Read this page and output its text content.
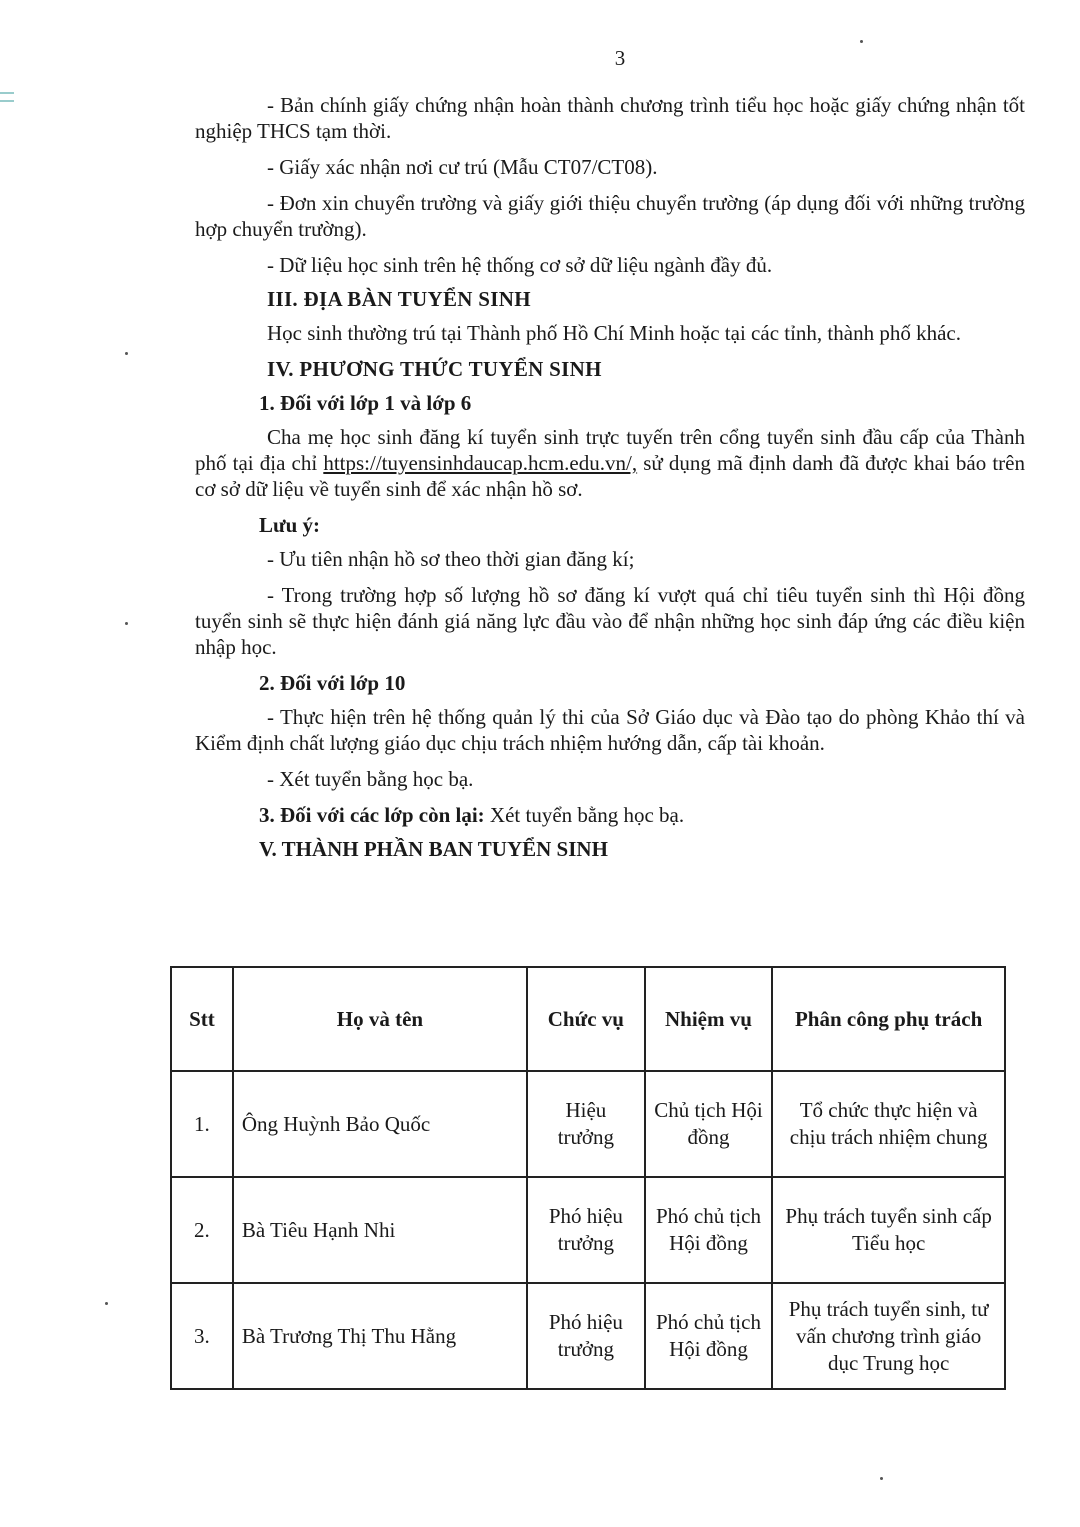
3

- Bản chính giấy chứng nhận hoàn thành chương trình tiểu học hoặc giấy chứng nhận tốt nghiệp THCS tạm thời.

- Giấy xác nhận nơi cư trú (Mẫu CT07/CT08).

- Đơn xin chuyển trường và giấy giới thiệu chuyển trường (áp dụng đối với những trường hợp chuyển trường).

- Dữ liệu học sinh trên hệ thống cơ sở dữ liệu ngành đầy đủ.

III. ĐỊA BÀN TUYỂN SINH

Học sinh thường trú tại Thành phố Hồ Chí Minh hoặc tại các tỉnh, thành phố khác.

IV. PHƯƠNG THỨC TUYỂN SINH

1. Đối với lớp 1 và lớp 6

Cha mẹ học sinh đăng kí tuyển sinh trực tuyến trên cổng tuyển sinh đầu cấp của Thành phố tại địa chỉ https://tuyensinhdaucap.hcm.edu.vn/, sử dụng mã định danh đã được khai báo trên cơ sở dữ liệu về tuyển sinh để xác nhận hồ sơ.

Lưu ý:

- Ưu tiên nhận hồ sơ theo thời gian đăng kí;

- Trong trường hợp số lượng hồ sơ đăng kí vượt quá chỉ tiêu tuyển sinh thì Hội đồng tuyển sinh sẽ thực hiện đánh giá năng lực đầu vào để nhận những học sinh đáp ứng các điều kiện nhập học.

2. Đối với lớp 10

- Thực hiện trên hệ thống quản lý thi của Sở Giáo dục và Đào tạo do phòng Khảo thí và Kiểm định chất lượng giáo dục chịu trách nhiệm hướng dẫn, cấp tài khoản.

- Xét tuyển bằng học bạ.

3. Đối với các lớp còn lại: Xét tuyển bằng học bạ.

V. THÀNH PHẦN BAN TUYỂN SINH

Stt	Họ và tên	Chức vụ	Nhiệm vụ	Phân công phụ trách
1.	Ông Huỳnh Bảo Quốc	Hiệu trưởng	Chủ tịch Hội đồng	Tổ chức thực hiện và chịu trách nhiệm chung
2.	Bà Tiêu Hạnh Nhi	Phó hiệu trưởng	Phó chủ tịch Hội đồng	Phụ trách tuyển sinh cấp Tiểu học
3.	Bà Trương Thị Thu Hằng	Phó hiệu trưởng	Phó chủ tịch Hội đồng	Phụ trách tuyển sinh, tư vấn chương trình giáo dục Trung học
